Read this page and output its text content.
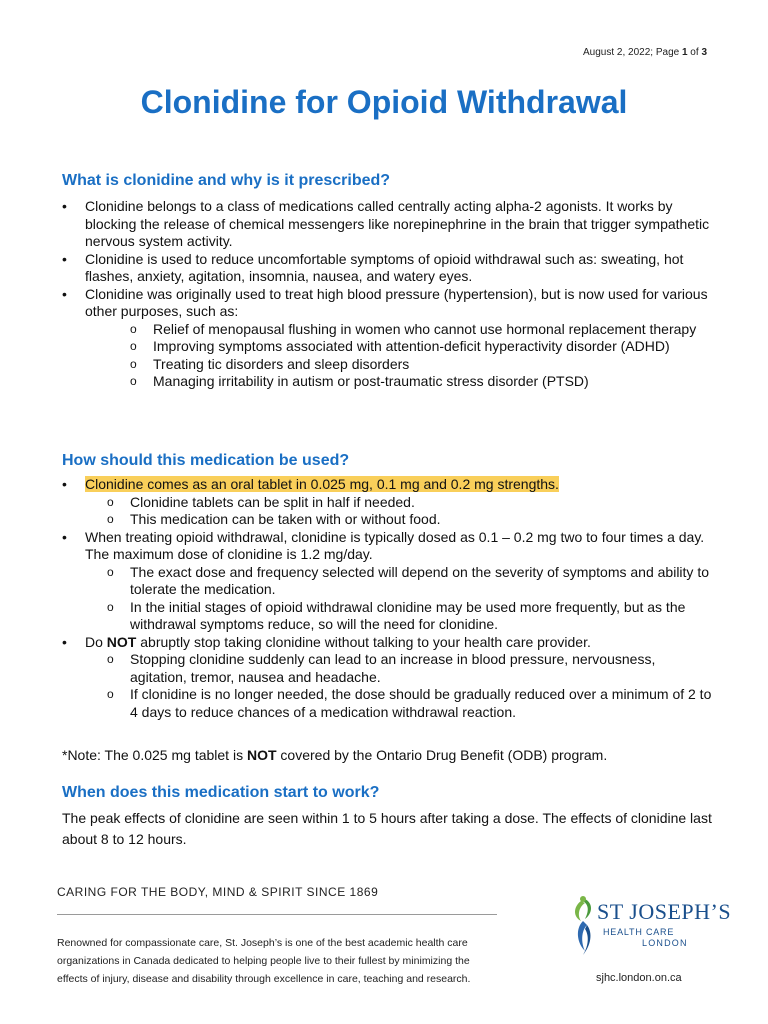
August 2, 2022; Page 1 of 3
Clonidine for Opioid Withdrawal
What is clonidine and why is it prescribed?
• Clonidine belongs to a class of medications called centrally acting alpha-2 agonists. It works by blocking the release of chemical messengers like norepinephrine in the brain that trigger sympathetic nervous system activity.
• Clonidine is used to reduce uncomfortable symptoms of opioid withdrawal such as: sweating, hot flashes, anxiety, agitation, insomnia, nausea, and watery eyes.
• Clonidine was originally used to treat high blood pressure (hypertension), but is now used for various other purposes, such as:
o Relief of menopausal flushing in women who cannot use hormonal replacement therapy
o Improving symptoms associated with attention-deficit hyperactivity disorder (ADHD)
o Treating tic disorders and sleep disorders
o Managing irritability in autism or post-traumatic stress disorder (PTSD)
How should this medication be used?
• Clonidine comes as an oral tablet in 0.025 mg, 0.1 mg and 0.2 mg strengths.
o Clonidine tablets can be split in half if needed.
o This medication can be taken with or without food.
• When treating opioid withdrawal, clonidine is typically dosed as 0.1 – 0.2 mg two to four times a day. The maximum dose of clonidine is 1.2 mg/day.
o The exact dose and frequency selected will depend on the severity of symptoms and ability to tolerate the medication.
o In the initial stages of opioid withdrawal clonidine may be used more frequently, but as the withdrawal symptoms reduce, so will the need for clonidine.
• Do NOT abruptly stop taking clonidine without talking to your health care provider.
o Stopping clonidine suddenly can lead to an increase in blood pressure, nervousness, agitation, tremor, nausea and headache.
o If clonidine is no longer needed, the dose should be gradually reduced over a minimum of 2 to 4 days to reduce chances of a medication withdrawal reaction.

*Note: The 0.025 mg tablet is NOT covered by the Ontario Drug Benefit (ODB) program.

When does this medication start to work?

The peak effects of clonidine are seen within 1 to 5 hours after taking a dose. The effects of clonidine last about 8 to 12 hours.

CARING FOR THE BODY, MIND & SPIRIT SINCE 1869

Renowned for compassionate care, St. Joseph’s is one of the best academic health care organizations in Canada dedicated to helping people live to their fullest by minimizing the effects of injury, disease and disability through excellence in care, teaching and research.

ST JOSEPH’S
HEALTH CARE
LONDON
sjhc.london.on.ca
